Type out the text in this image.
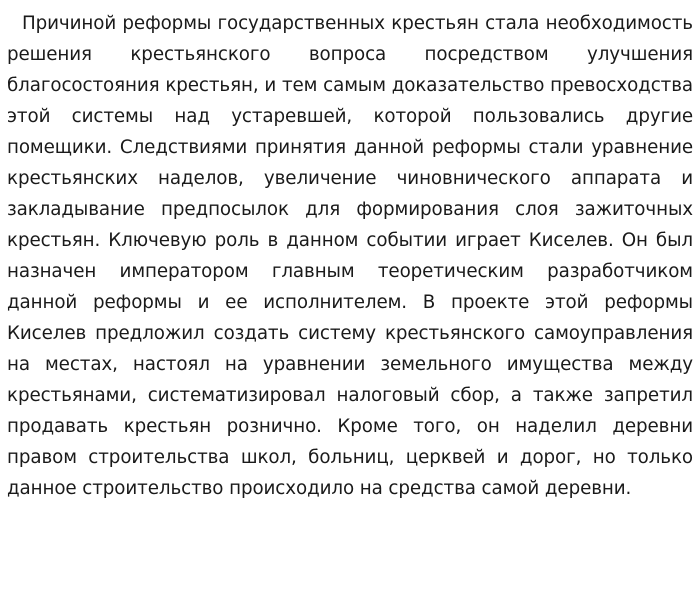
Причиной реформы государственных крестьян стала необходимость решения крестьянского вопроса посредством улучшения благосостояния крестьян, и тем самым доказательство превосходства этой системы над устаревшей, которой пользовались другие помещики. Следствиями принятия данной реформы стали уравнение крестьянских наделов, увеличение чиновнического аппарата и закладывание предпосылок для формирования слоя зажиточных крестьян. Ключевую роль в данном событии играет Киселев. Он был назначен императором главным теоретическим разработчиком данной реформы и ее исполнителем. В проекте этой реформы Киселев предложил создать систему крестьянского самоуправления на местах, настоял на уравнении земельного имущества между крестьянами, систематизировал налоговый сбор, а также запретил продавать крестьян рознично. Кроме того, он наделил деревни правом строительства школ, больниц, церквей и дорог, но только данное строительство происходило на средства самой деревни.
